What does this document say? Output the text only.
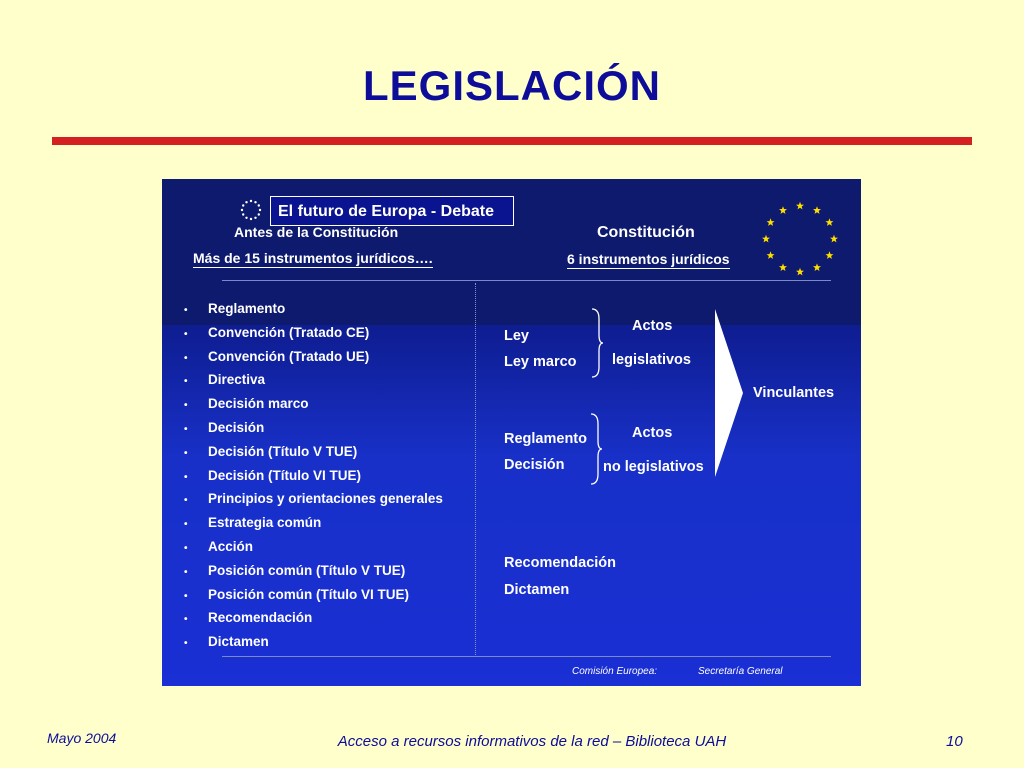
LEGISLACIÓN
El futuro de Europa - Debate
Antes de la Constitución
Más de 15 instrumentos jurídicos….
Constitución
6 instrumentos jurídicos
• Reglamento
• Convención (Tratado CE)
• Convención (Tratado UE)
• Directiva
• Decisión marco
• Decisión
• Decisión (Título V TUE)
• Decisión (Título VI TUE)
• Principios y orientaciones generales
• Estrategia común
• Acción
• Posición común (Título V TUE)
• Posición común (Título VI TUE)
• Recomendación
• Dictamen
Ley
Ley marco
Actos
legislativos
Reglamento
Decisión
Actos
no legislativos
Recomendación
Dictamen
Vinculantes
Comisión Europea:	Secretaría General
Mayo 2004	Acceso a recursos informativos de la red – Biblioteca UAH	10
